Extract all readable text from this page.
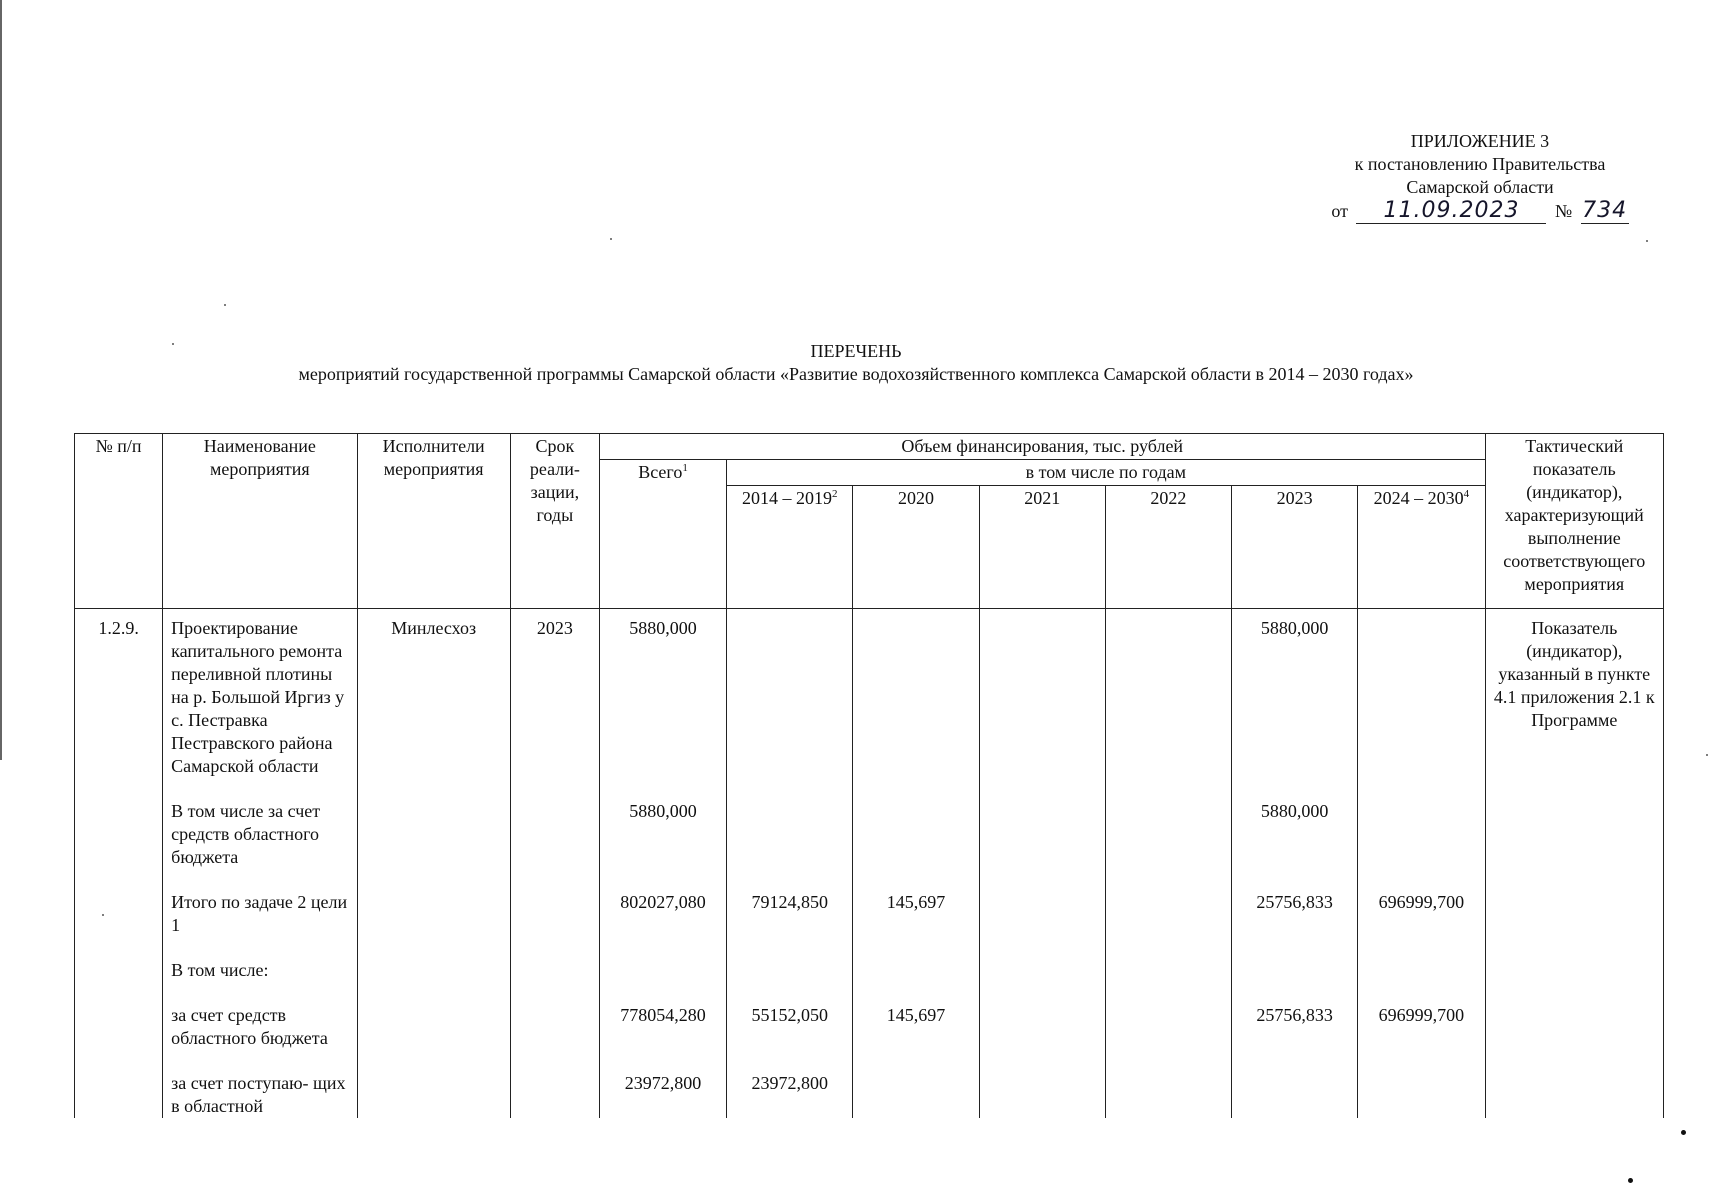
ПРИЛОЖЕНИЕ 3
к постановлению Правительства
Самарской области
от 11.09.2023 № 734
ПЕРЕЧЕНЬ
мероприятий государственной программы Самарской области «Развитие водохозяйственного комплекса Самарской области в 2014 – 2030 годах»
№ п/п	Наименование мероприятия	Исполнители мероприятия	Срок реали- зации, годы	Объем финансирования, тыс. рублей							Тактический показатель (индикатор), характеризующий выполнение соответствующего мероприятия
				Всего$^1$	в том числе по годам						
					2014 – 2019$^2$	2020	2021	2022	2023	2024 – 2030$^4$
1.2.9.	Проектирование капитального ремонта переливной плотины на р. Большой Иргиз у с. Пестравка Пестравского района Самарской области	Минлесхоз	2023	5880,000					5880,000		Показатель (индикатор), указанный в пункте 4.1 приложения 2.1 к Программе

	В том числе за счет средств областного бюджета			5880,000					5880,000		

	Итого по задаче 2 цели 1			802027,080	79124,850	145,697			25756,833	696999,700	

	В том числе:										

	за счет средств областного бюджета			778054,280	55152,050	145,697			25756,833	696999,700	

	за счет поступаю- щих в областной			23972,800	23972,800						
